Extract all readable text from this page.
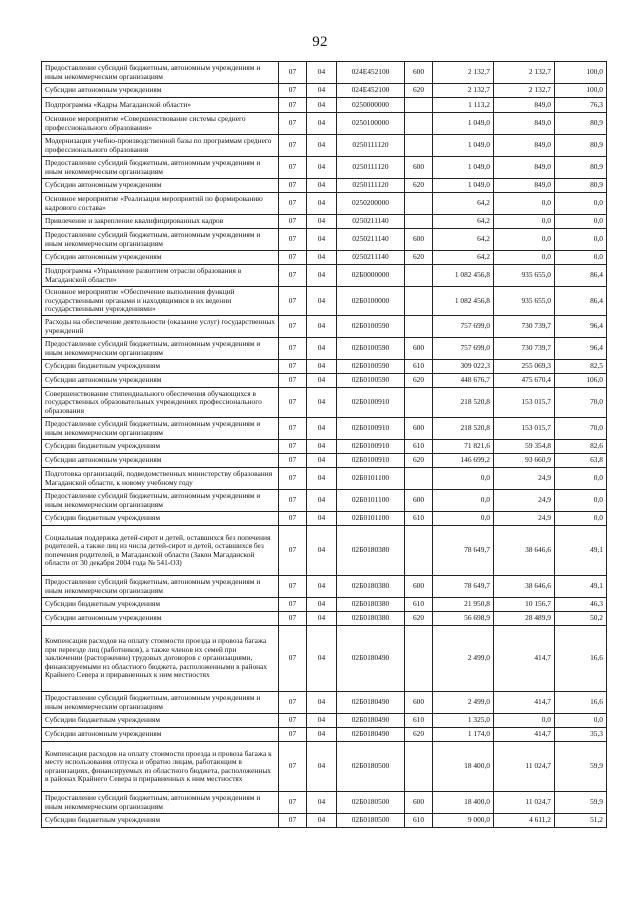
92
Предоставление субсидий бюджетным, автономным учреждениям и иным некоммерческим организациям	07	04	024E452100	600	2 132,7	2 132,7	100,0
Субсидии автономным учреждениям	07	04	024E452100	620	2 132,7	2 132,7	100,0
Подпрограмма «Кадры Магаданской области»	07	04	0250000000		1 113,2	849,0	76,3
Основное мероприятие «Совершенствование системы среднего профессионального образования»	07	04	0250100000		1 049,0	849,0	80,9
Модернизация учебно-производственной базы по программам среднего профессионального образования	07	04	0250111120		1 049,0	849,0	80,9
Предоставление субсидий бюджетным, автономным учреждениям и иным некоммерческим организациям	07	04	0250111120	600	1 049,0	849,0	80,9
Субсидии автономным учреждениям	07	04	0250111120	620	1 049,0	849,0	80,9
Основное мероприятие «Реализация мероприятий по формированию кадрового состава»	07	04	0250200000		64,2	0,0	0,0
Привлечение и закрепление квалифицированных кадров	07	04	0250211140		64,2	0,0	0,0
Предоставление субсидий бюджетным, автономным учреждениям и иным некоммерческим организациям	07	04	0250211140	600	64,2	0,0	0,0
Субсидии автономным учреждениям	07	04	0250211140	620	64,2	0,0	0,0
Подпрограмма «Управление развитием отрасли образования в Магаданской области»	07	04	02Б0000000		1 082 456,8	935 655,0	86,4
Основное мероприятие «Обеспечение выполнения функций государственными органами и находящимися в их ведении государственными учреждениями»	07	04	02Б0100000		1 082 456,8	935 655,0	86,4
Расходы на обеспечение деятельности (оказание услуг) государственных учреждений	07	04	02Б0100590		757 699,0	730 739,7	96,4
Предоставление субсидий бюджетным, автономным учреждениям и иным некоммерческим организациям	07	04	02Б0100590	600	757 699,0	730 739,7	96,4
Субсидии бюджетным учреждениям	07	04	02Б0100590	610	309 022,3	255 069,3	82,5
Субсидии автономным учреждениям	07	04	02Б0100590	620	448 676,7	475 670,4	106,0
Совершенствование стипендиального обеспечения обучающихся в государственных образовательных учреждениях профессионального образования	07	04	02Б0100910		218 520,8	153 015,7	70,0
Предоставление субсидий бюджетным, автономным учреждениям и иным некоммерческим организациям	07	04	02Б0100910	600	218 520,8	153 015,7	70,0
Субсидии бюджетным учреждениям	07	04	02Б0100910	610	71 821,6	59 354,8	82,6
Субсидии автономным учреждениям	07	04	02Б0100910	620	146 699,2	93 660,9	63,8
Подготовка организаций, подведомственных министерству образования Магаданской области, к новому учебному году	07	04	02Б0101100		0,0	24,9	0,0
Предоставление субсидий бюджетным, автономным учреждениям и иным некоммерческим организациям	07	04	02Б0101100	600	0,0	24,9	0,0
Субсидии бюджетным учреждениям	07	04	02Б0101100	610	0,0	24,9	0,0
Социальная поддержка детей-сирот и детей, оставшихся без попечения родителей, а также лиц из числа детей-сирот и детей, оставшихся без попечения родителей, в Магаданской области (Закон Магаданской области от 30 декабря 2004 года № 541-ОЗ)	07	04	02Б0180380		78 649,7	38 646,6	49,1
Предоставление субсидий бюджетным, автономным учреждениям и иным некоммерческим организациям	07	04	02Б0180380	600	78 649,7	38 646,6	49,1
Субсидии бюджетным учреждениям	07	04	02Б0180380	610	21 950,8	10 156,7	46,3
Субсидии автономным учреждениям	07	04	02Б0180380	620	56 698,9	28 489,9	50,2
Компенсация расходов на оплату стоимости проезда и провоза багажа при переезде лиц (работников), а также членов их семей при заключении (расторжении) трудовых договоров с организациями, финансируемыми из областного бюджета, расположенными в районах Крайнего Севера и приравненных к ним местностях	07	04	02Б0180490		2 499,0	414,7	16,6
Предоставление субсидий бюджетным, автономным учреждениям и иным некоммерческим организациям	07	04	02Б0180490	600	2 499,0	414,7	16,6
Субсидии бюджетным учреждениям	07	04	02Б0180490	610	1 325,0	0,0	0,0
Субсидии автономным учреждениям	07	04	02Б0180490	620	1 174,0	414,7	35,3
Компенсация расходов на оплату стоимости проезда и провоза багажа к месту использования отпуска и обратно лицам, работающим в организациях, финансируемых из областного бюджета, расположенных в районах Крайнего Севера и приравненных к ним местностях	07	04	02Б0180500		18 400,0	11 024,7	59,9
Предоставление субсидий бюджетным, автономным учреждениям и иным некоммерческим организациям	07	04	02Б0180500	600	18 400,0	11 024,7	59,9
Субсидии бюджетным учреждениям	07	04	02Б0180500	610	9 000,0	4 611,2	51,2
